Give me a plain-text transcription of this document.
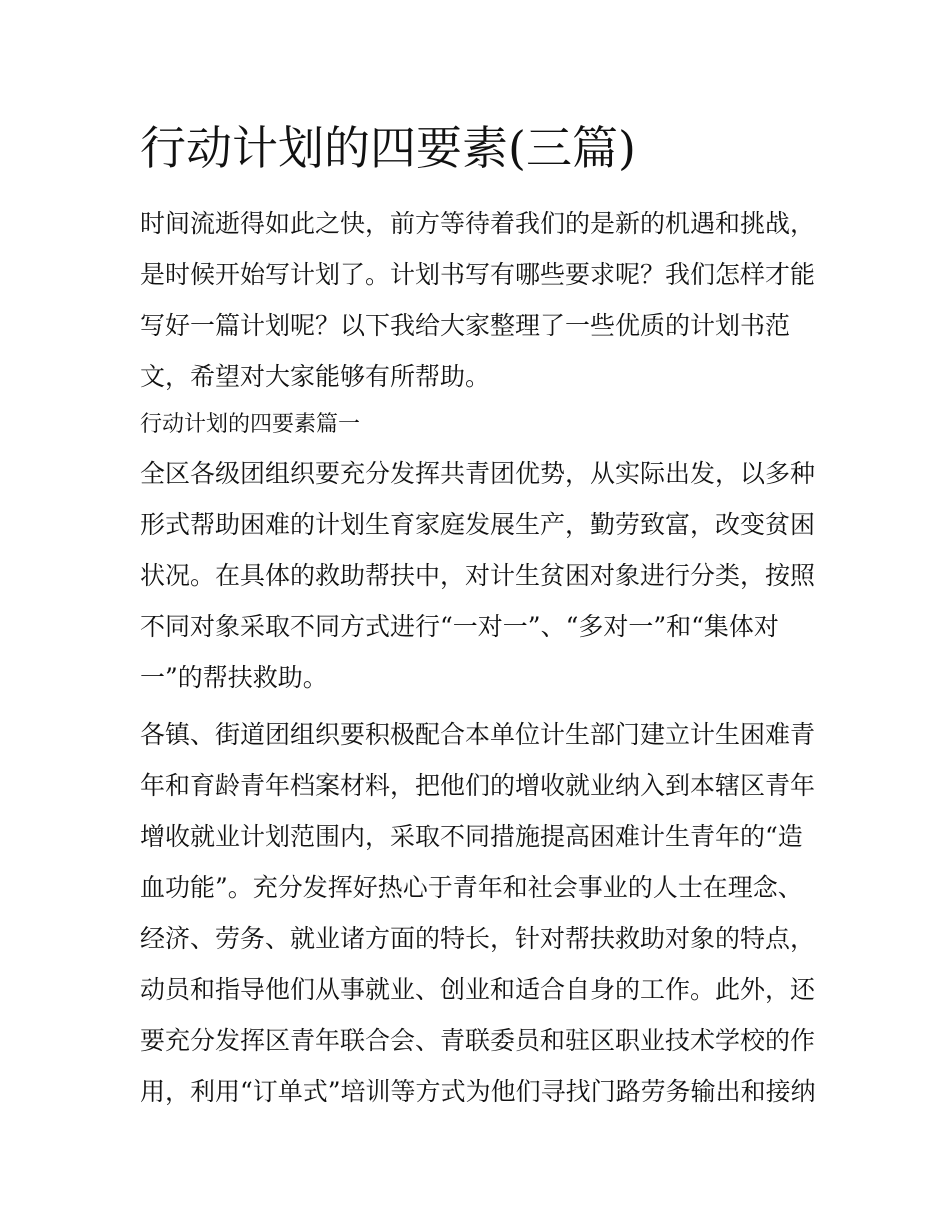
行动计划的四要素(三篇)
时间流逝得如此之快，前方等待着我们的是新的机遇和挑战，
是时候开始写计划了。计划书写有哪些要求呢？我们怎样才能
写好一篇计划呢？以下我给大家整理了一些优质的计划书范
文，希望对大家能够有所帮助。
行动计划的四要素篇一
全区各级团组织要充分发挥共青团优势，从实际出发，以多种
形式帮助困难的计划生育家庭发展生产，勤劳致富，改变贫困
状况。在具体的救助帮扶中，对计生贫困对象进行分类，按照
不同对象采取不同方式进行“一对一”、“多对一”和“集体对
一”的帮扶救助。
各镇、街道团组织要积极配合本单位计生部门建立计生困难青
年和育龄青年档案材料，把他们的增收就业纳入到本辖区青年
增收就业计划范围内，采取不同措施提高困难计生青年的“造
血功能”。充分发挥好热心于青年和社会事业的人士在理念、
经济、劳务、就业诸方面的特长，针对帮扶救助对象的特点，
动员和指导他们从事就业、创业和适合自身的工作。此外，还
要充分发挥区青年联合会、青联委员和驻区职业技术学校的作
用，利用“订单式”培训等方式为他们寻找门路劳务输出和接纳
